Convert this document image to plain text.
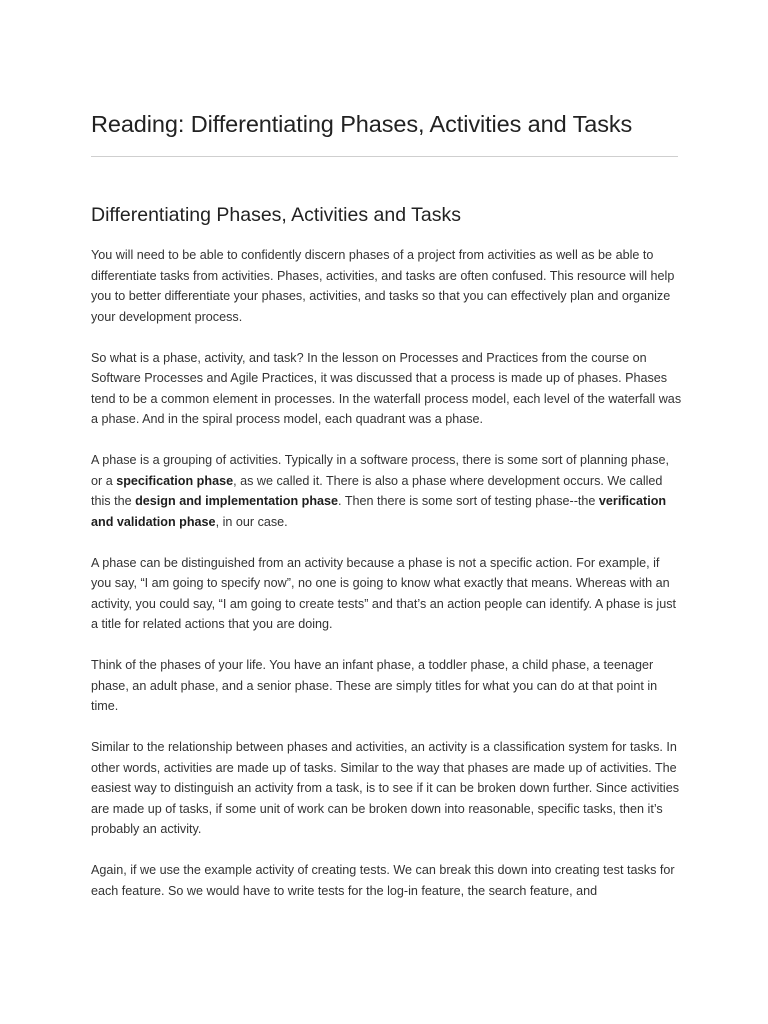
Reading: Differentiating Phases, Activities and Tasks
Differentiating Phases, Activities and Tasks

You will need to be able to confidently discern phases of a project from activities as well as be able to differentiate tasks from activities. Phases, activities, and tasks are often confused. This resource will help you to better differentiate your phases, activities, and tasks so that you can effectively plan and organize your development process.

So what is a phase, activity, and task? In the lesson on Processes and Practices from the course on Software Processes and Agile Practices, it was discussed that a process is made up of phases. Phases tend to be a common element in processes. In the waterfall process model, each level of the waterfall was a phase. And in the spiral process model, each quadrant was a phase.

A phase is a grouping of activities. Typically in a software process, there is some sort of planning phase, or a specification phase, as we called it. There is also a phase where development occurs. We called this the design and implementation phase. Then there is some sort of testing phase--the verification and validation phase, in our case.

A phase can be distinguished from an activity because a phase is not a specific action. For example, if you say, “I am going to specify now”, no one is going to know what exactly that means. Whereas with an activity, you could say, “I am going to create tests” and that’s an action people can identify. A phase is just a title for related actions that you are doing.

Think of the phases of your life. You have an infant phase, a toddler phase, a child phase, a teenager phase, an adult phase, and a senior phase. These are simply titles for what you can do at that point in time.

Similar to the relationship between phases and activities, an activity is a classification system for tasks. In other words, activities are made up of tasks. Similar to the way that phases are made up of activities. The easiest way to distinguish an activity from a task, is to see if it can be broken down further. Since activities are made up of tasks, if some unit of work can be broken down into reasonable, specific tasks, then it’s probably an activity.

Again, if we use the example activity of creating tests. We can break this down into creating test tasks for each feature. So we would have to write tests for the log-in feature, the search feature, and
